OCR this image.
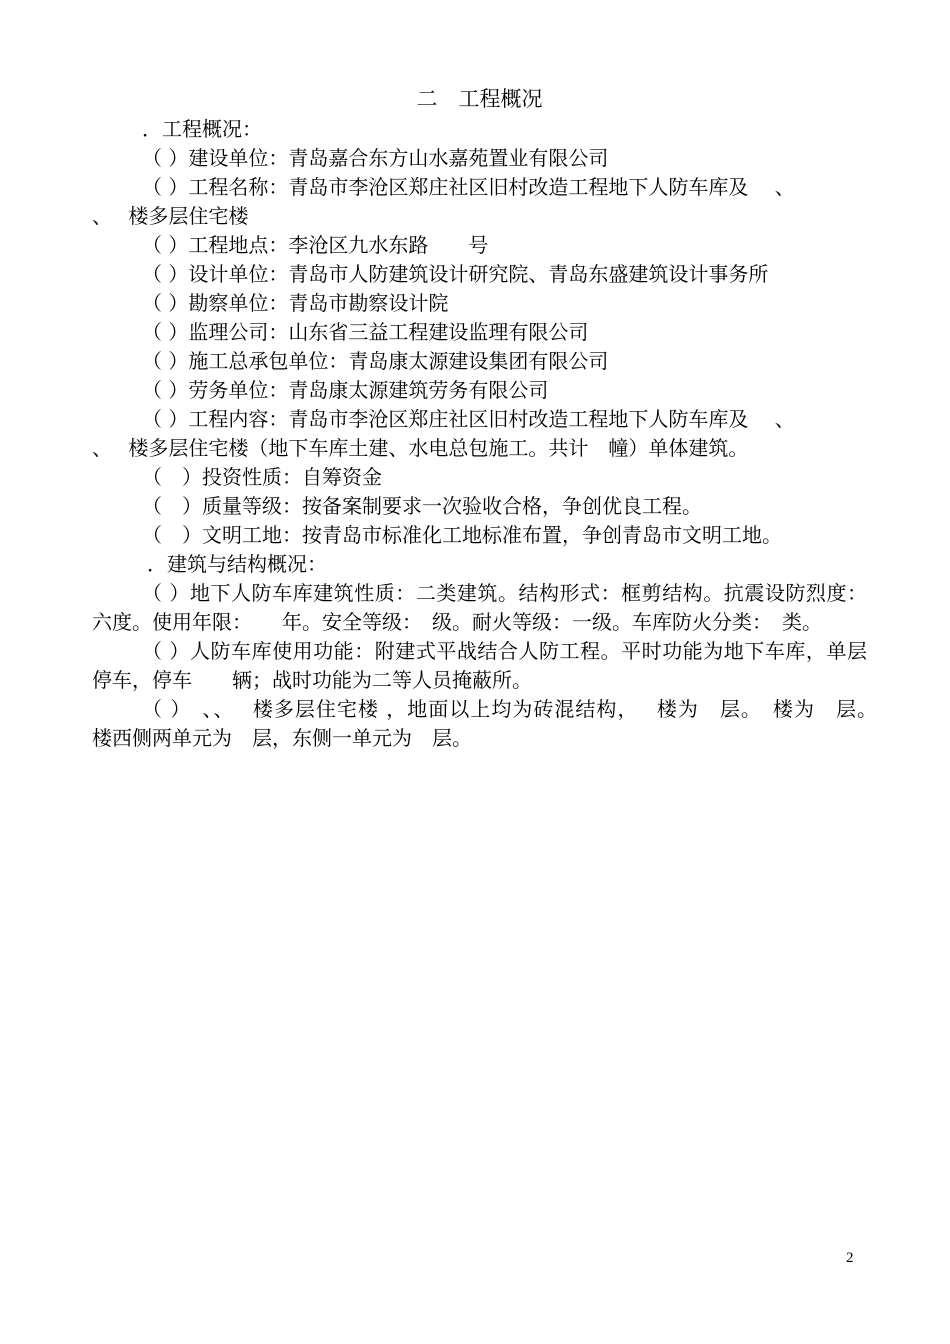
二　工程概况

．工程概况：

（ ）建设单位：青岛嘉合东方山水嘉苑置业有限公司

（ ）工程名称：青岛市李沧区郑庄社区旧村改造工程地下人防车库及　 、

、　 楼多层住宅楼

（ ）工程地点：李沧区九水东路　　号

（ ）设计单位：青岛市人防建筑设计研究院、青岛东盛建筑设计事务所

（ ）勘察单位：青岛市勘察设计院

（ ）监理公司：山东省三益工程建设监理有限公司

（ ）施工总承包单位：青岛康太源建设集团有限公司

（ ）劳务单位：青岛康太源建筑劳务有限公司

（ ）工程内容：青岛市李沧区郑庄社区旧村改造工程地下人防车库及　 、

、　 楼多层住宅楼（地下车库土建、水电总包施工。共计　幢）单体建筑。

（　）投资性质：自筹资金

（　）质量等级：按备案制要求一次验收合格，争创优良工程。

（　）文明工地：按青岛市标准化工地标准布置，争创青岛市文明工地。

．建筑与结构概况：

（ ）地下人防车库建筑性质：二类建筑。结构形式：框剪结构。抗震设防烈度：六度。使用年限：　　年。安全等级：　级。耐火等级：一级。车库防火分类：　类。

（ ）人防车库使用功能：附建式平战结合人防工程。平时功能为地下车库，单层停车，停车　　辆；战时功能为二等人员掩蔽所。

（ ）　、、　 楼多层住宅楼 ，地面以上均为砖混结构，　 楼为　层。　楼为　层。　楼西侧两单元为　层，东侧一单元为　层。

2
